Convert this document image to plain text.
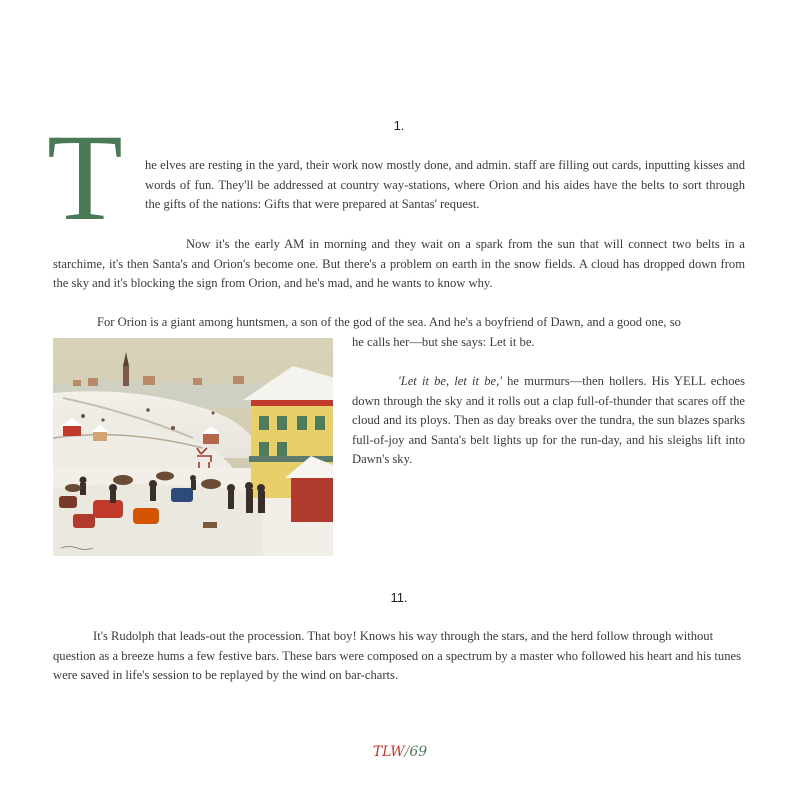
1.
T he elves are resting in the yard, their work now mostly done, and admin. staff are filling out cards, inputting kisses and words of fun. They'll be addressed at country way-stations, where Orion and his aides have the belts to sort through the gifts of the nations: Gifts that were prepared at Santas' request.

Now it's the early AM in morning and they wait on a spark from the sun that will connect two belts in a starchime, it's then Santa's and Orion's become one. But there's a problem on earth in the snow fields. A cloud has dropped down from the sky and it's blocking the sign from Orion, and he's mad, and he wants to know why.

For Orion is a giant among huntsmen, a son of the god of the sea. And he's a boyfriend of Dawn, and a good one, so

he calls her—but she says: Let it be.

'Let it be, let it be,' he murmurs—then hollers. His YELL echoes down through the sky and it rolls out a clap full-of-thunder that scares off the cloud and its ploys. Then as day breaks over the tundra, the sun blazes sparks full-of-joy and Santa's belt lights up for the run-day, and his sleighs lift into Dawn's sky.

11.

It's Rudolph that leads-out the procession. That boy! Knows his way through the stars, and the herd follow through without question as a breeze hums a few festive bars. These bars were composed on a spectrum by a master who followed his heart and his tunes were saved in life's session to be replayed by the wind on bar-charts.

TLW/69
